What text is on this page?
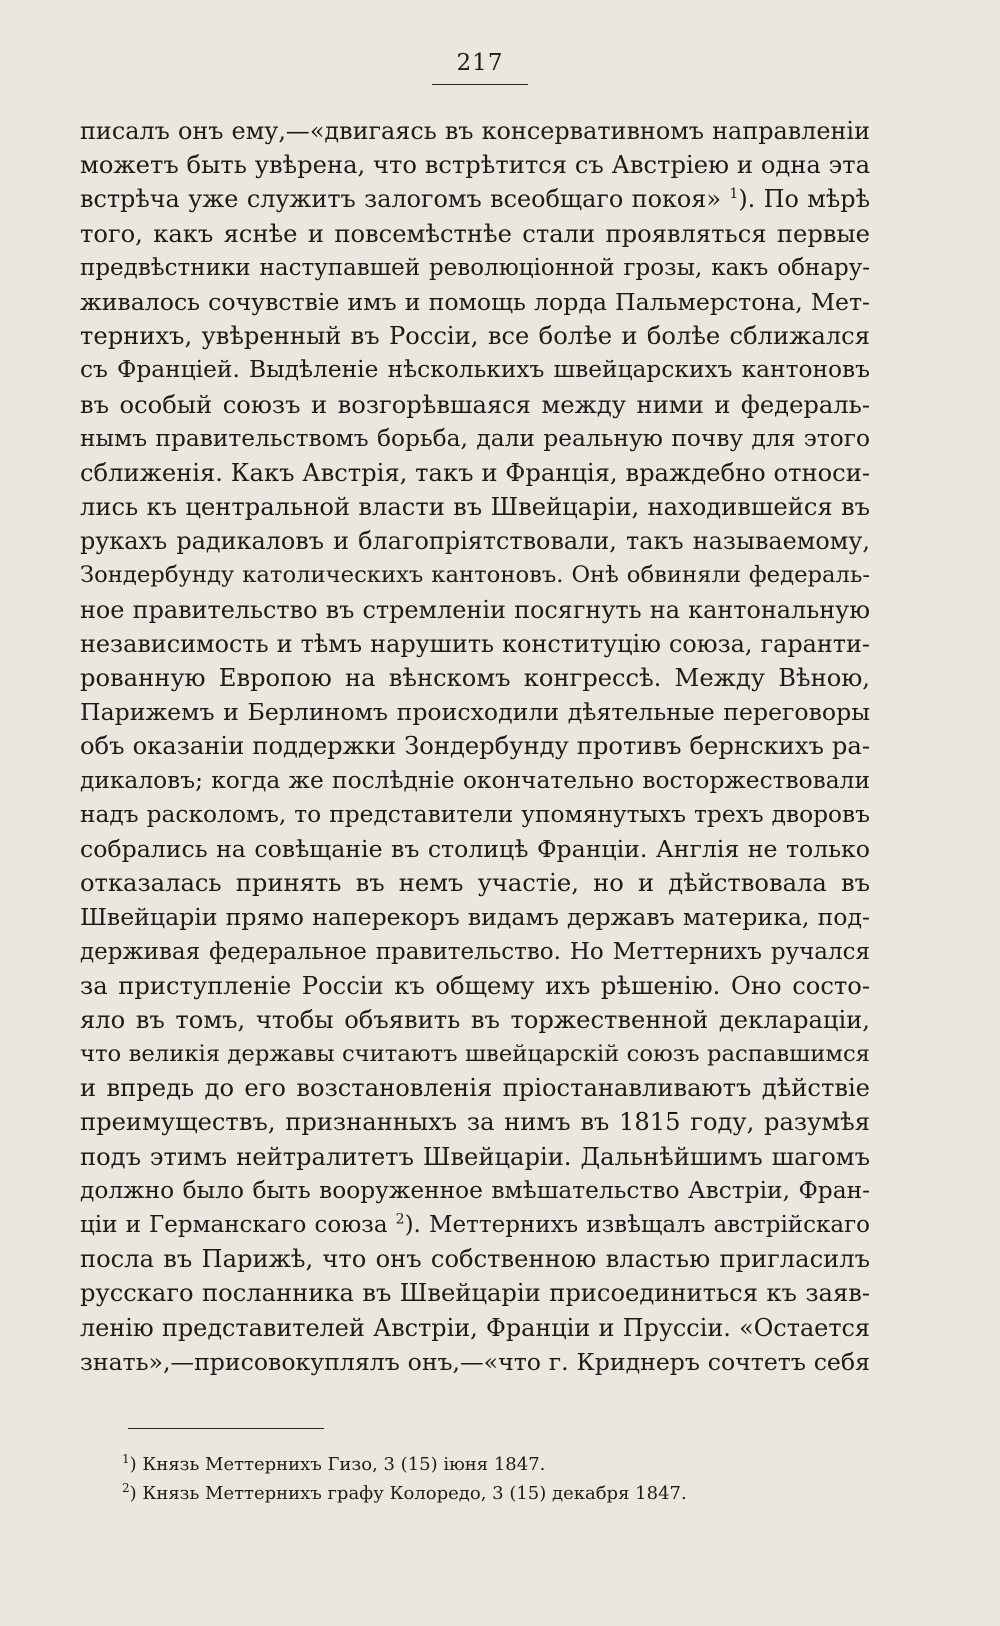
217
писалъ онъ ему,—«двигаясь въ консервативномъ направленіи
можетъ быть увѣрена, что встрѣтится съ Австріею и одна эта
встрѣча уже служитъ залогомъ всеобщаго покоя» $^1$). По мѣрѣ
того, какъ яснѣе и повсемѣстнѣе стали проявляться первые
предвѣстники наступавшей революціонной грозы, какъ обнару-
живалось сочувствіе имъ и помощь лорда Пальмерстона, Мет-
тернихъ, увѣренный въ Россіи, все болѣе и болѣе сближался
съ Франціей. Выдѣленіе нѣсколькихъ швейцарскихъ кантоновъ
въ особый союзъ и возгорѣвшаяся между ними и федераль-
нымъ правительствомъ борьба, дали реальную почву для этого
сближенія. Какъ Австрія, такъ и Франція, враждебно относи-
лись къ центральной власти въ Швейцаріи, находившейся въ
рукахъ радикаловъ и благопріятствовали, такъ называемому,
Зондербунду католическихъ кантоновъ. Онѣ обвиняли федераль-
ное правительство въ стремленіи посягнуть на кантональную
независимость и тѣмъ нарушить конституцію союза, гаранти-
рованную Европою на вѣнскомъ конгрессѣ. Между Вѣною,
Парижемъ и Берлиномъ происходили дѣятельные переговоры
объ оказаніи поддержки Зондербунду противъ бернскихъ ра-
дикаловъ; когда же послѣдніе окончательно восторжествовали
надъ расколомъ, то представители упомянутыхъ трехъ дворовъ
собрались на совѣщаніе въ столицѣ Франціи. Англія не только
отказалась принять въ немъ участіе, но и дѣйствовала въ
Швейцаріи прямо наперекоръ видамъ державъ материка, под-
держивая федеральное правительство. Но Меттернихъ ручался
за приступленіе Россіи къ общему ихъ рѣшенію. Оно состо-
яло въ томъ, чтобы объявить въ торжественной деклараціи,
что великія державы считаютъ швейцарскій союзъ распавшимся
и впредь до его возстановленія пріостанавливаютъ дѣйствіе
преимуществъ, признанныхъ за нимъ въ 1815 году, разумѣя
подъ этимъ нейтралитетъ Швейцаріи. Дальнѣйшимъ шагомъ
должно было быть вооруженное вмѣшательство Австріи, Фран-
ціи и Германскаго союза $^2$). Меттернихъ извѣщалъ австрійскаго
посла въ Парижѣ, что онъ собственною властью пригласилъ
русскаго посланника въ Швейцаріи присоединиться къ заяв-
ленію представителей Австріи, Франціи и Пруссіи. «Остается
знать»,—присовокуплялъ онъ,—«что г. Криднеръ сочтетъ себя
$^1$) Князь Меттернихъ Гизо, 3 (15) іюня 1847.
$^2$) Князь Меттернихъ графу Колоредо, 3 (15) декабря 1847.
